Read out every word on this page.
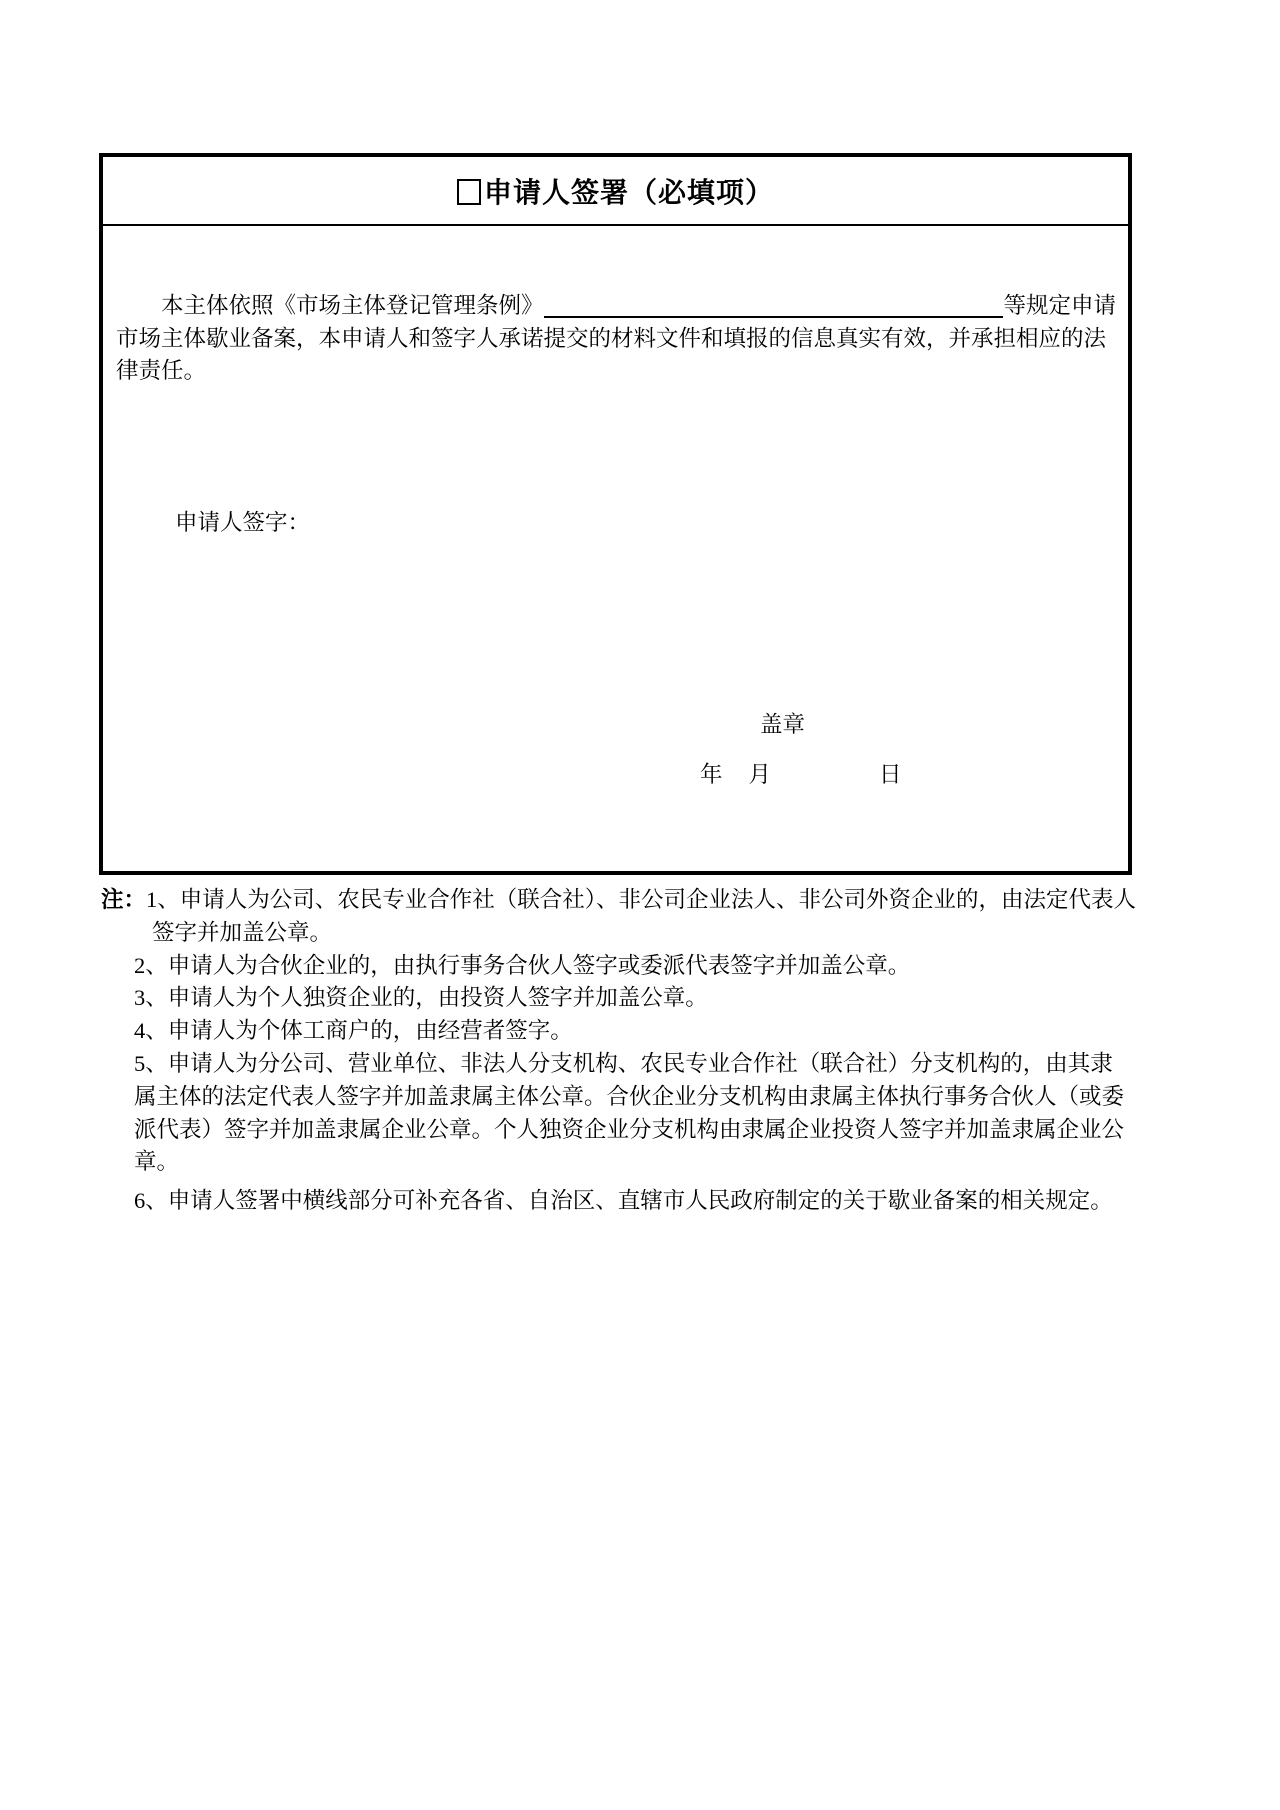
申请人签署（必填项）
本主体依照《市场主体登记管理条例》	等规定申请
市场主体歇业备案，本申请人和签字人承诺提交的材料文件和填报的信息真实有效，并承担相应的法
律责任。
申请人签字：
盖章
年 月	日
注：1、申请人为公司、农民专业合作社（联合社）、非公司企业法人、非公司外资企业的，由法定代表人
签字并加盖公章。
2、申请人为合伙企业的，由执行事务合伙人签字或委派代表签字并加盖公章。
3、申请人为个人独资企业的，由投资人签字并加盖公章。
4、申请人为个体工商户的，由经营者签字。
5、申请人为分公司、营业单位、非法人分支机构、农民专业合作社（联合社）分支机构的，由其隶
属主体的法定代表人签字并加盖隶属主体公章。合伙企业分支机构由隶属主体执行事务合伙人（或委
派代表）签字并加盖隶属企业公章。个人独资企业分支机构由隶属企业投资人签字并加盖隶属企业公
章。
6、申请人签署中横线部分可补充各省、自治区、直辖市人民政府制定的关于歇业备案的相关规定。
